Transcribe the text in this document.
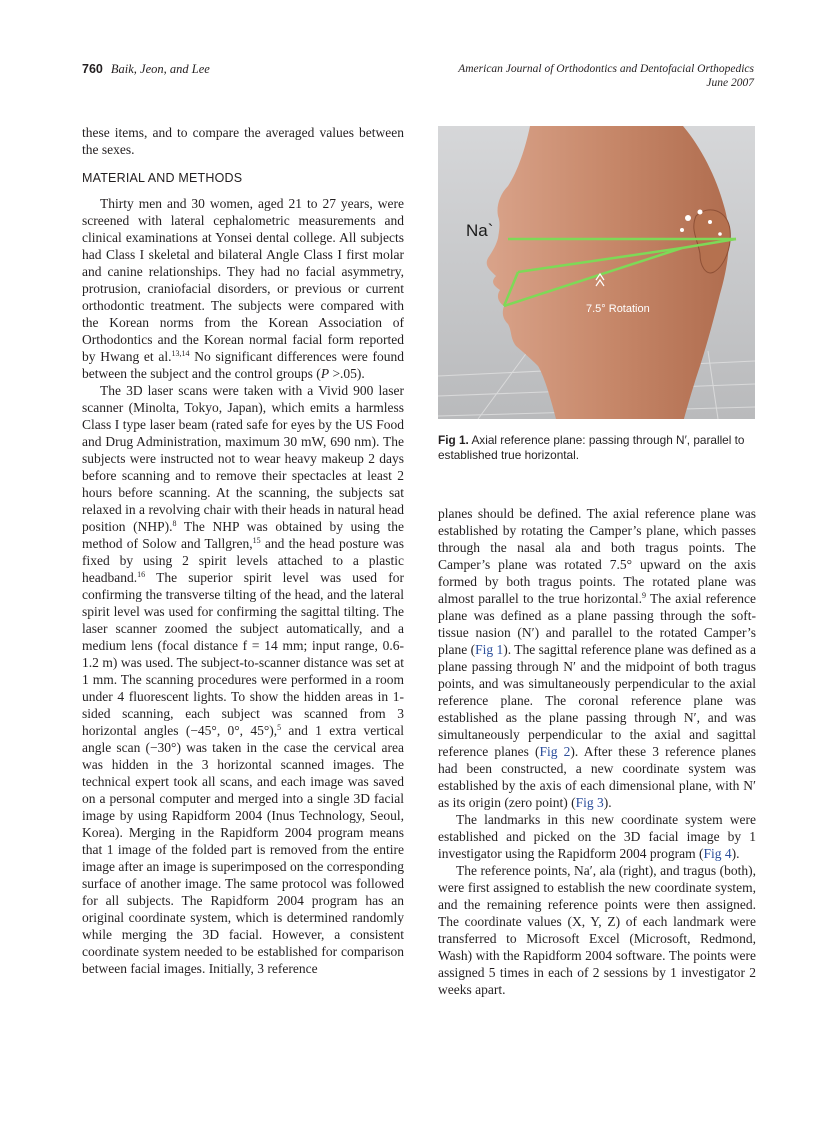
760 Baik, Jeon, and Lee	American Journal of Orthodontics and Dentofacial Orthopedics
June 2007

these items, and to compare the averaged values between the sexes.

MATERIAL AND METHODS

Thirty men and 30 women, aged 21 to 27 years, were screened with lateral cephalometric measurements and clinical examinations at Yonsei dental college. All subjects had Class I skeletal and bilateral Angle Class I first molar and canine relationships. They had no facial asymmetry, protrusion, craniofacial disorders, or previous or current orthodontic treatment. The subjects were compared with the Korean norms from the Korean Association of Orthodontics and the Korean normal facial form reported by Hwang et al.$^{13,14}$ No significant differences were found between the subject and the control groups (P >.05).

The 3D laser scans were taken with a Vivid 900 laser scanner (Minolta, Tokyo, Japan), which emits a harmless Class I type laser beam (rated safe for eyes by the US Food and Drug Administration, maximum 30 mW, 690 nm). The subjects were instructed not to wear heavy makeup 2 days before scanning and to remove their spectacles at least 2 hours before scanning. At the scanning, the subjects sat relaxed in a revolving chair with their heads in natural head position (NHP).$^8$ The NHP was obtained by using the method of Solow and Tallgren,$^{15}$ and the head posture was fixed by using 2 spirit levels attached to a plastic headband.$^{16}$ The superior spirit level was used for confirming the transverse tilting of the head, and the lateral spirit level was used for confirming the sagittal tilting. The laser scanner zoomed the subject automatically, and a medium lens (focal distance f = 14 mm; input range, 0.6-1.2 m) was used. The subject-to-scanner distance was set at 1 mm. The scanning procedures were performed in a room under 4 fluorescent lights. To show the hidden areas in 1-sided scanning, each subject was scanned from 3 horizontal angles (−45°, 0°, 45°),$^5$ and 1 extra vertical angle scan (−30°) was taken in the case the cervical area was hidden in the 3 horizontal scanned images. The technical expert took all scans, and each image was saved on a personal computer and merged into a single 3D facial image by using Rapidform 2004 (Inus Technology, Seoul, Korea). Merging in the Rapidform 2004 program means that 1 image of the folded part is removed from the entire image after an image is superimposed on the corresponding surface of another image. The same protocol was followed for all subjects. The Rapidform 2004 program has an original coordinate system, which is determined randomly while merging the 3D facial. However, a consistent coordinate system needed to be established for comparison between facial images. Initially, 3 reference

Na`
7.5° Rotation
Fig 1. Axial reference plane: passing through N′, parallel to established true horizontal.

planes should be defined. The axial reference plane was established by rotating the Camper’s plane, which passes through the nasal ala and both tragus points. The Camper’s plane was rotated 7.5° upward on the axis formed by both tragus points. The rotated plane was almost parallel to the true horizontal.$^9$ The axial reference plane was defined as a plane passing through the soft-tissue nasion (N′) and parallel to the rotated Camper’s plane (Fig 1). The sagittal reference plane was defined as a plane passing through N′ and the midpoint of both tragus points, and was simultaneously perpendicular to the axial reference plane. The coronal reference plane was established as the plane passing through N′, and was simultaneously perpendicular to the axial and sagittal reference planes (Fig 2). After these 3 reference planes had been constructed, a new coordinate system was established by the axis of each dimensional plane, with N′ as its origin (zero point) (Fig 3).

The landmarks in this new coordinate system were established and picked on the 3D facial image by 1 investigator using the Rapidform 2004 program (Fig 4).

The reference points, Na′, ala (right), and tragus (both), were first assigned to establish the new coordinate system, and the remaining reference points were then assigned. The coordinate values (X, Y, Z) of each landmark were transferred to Microsoft Excel (Microsoft, Redmond, Wash) with the Rapidform 2004 software. The points were assigned 5 times in each of 2 sessions by 1 investigator 2 weeks apart.
